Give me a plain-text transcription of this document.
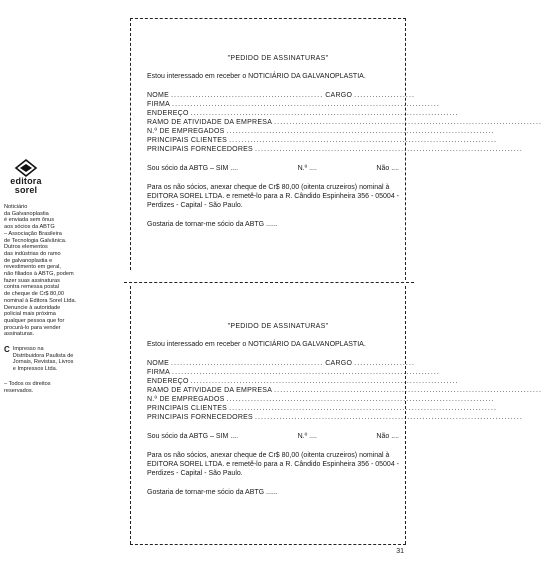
editora sorel
Noticiário
da Galvanoplastia
é enviada sem ônus
aos sócios da ABTG
– Associação Brasileira
de Tecnologia Galvânica.
Dutros elementos
das indústrias do ramo
de galvanoplastia e
revestimento em geral,
não filiados à ABTG, podem
fazer suas assinaturas
contra remessa postal
de cheque de Cr$ 80,00
nominal à Editora Sorel Ltda.
Denuncie à autoridade
policial mais próxima
qualquer pessoa que for
procurá-lo para vender
assinaturas.
C Impresso na
Distribuidora Paulista de
Jornais, Revistas, Livros
e Impressos Ltda.
– Todos os direitos
reservados.
"PEDIDO DE ASSINATURAS"
Estou interessado em receber o NOTICIÁRIO DA GALVANOPLASTIA.
NOME .................................................. CARGO ....................
FIRMA ........................................................................................
ENDEREÇO ........................................................................................
RAMO DE ATIVIDADE DA EMPRESA ........................................................................................
N.º DE EMPREGADOS ........................................................................................
PRINCIPAIS CLIENTES ........................................................................................
PRINCIPAIS FORNECEDORES ........................................................................................
Sou sócio da ABTG – SIM ....	N.º ....	Não ....
Para os não sócios, anexar cheque de Cr$ 80,00 (oitenta cruzeiros) nominal à EDITORA SOREL LTDA. e remetê-lo para a R. Cândido Espinheira 356 - 05004 - Perdizes - Capital - São Paulo.
Gostaria de tornar-me sócio da ABTG ......
"PEDIDO DE ASSINATURAS"
Estou interessado em receber o NOTICIÁRIO DA GALVANOPLASTIA.
NOME .................................................. CARGO ....................
FIRMA ........................................................................................
ENDEREÇO ........................................................................................
RAMO DE ATIVIDADE DA EMPRESA ........................................................................................
N.º DE EMPREGADOS ........................................................................................
PRINCIPAIS CLIENTES ........................................................................................
PRINCIPAIS FORNECEDORES ........................................................................................
Sou sócio da ABTG – SIM ....	N.º ....	Não ....
Para os não sócios, anexar cheque de Cr$ 80,00 (oitenta cruzeiros) nominal à EDITORA SOREL LTDA. e remetê-lo para a R. Cândido Espinheira 356 - 05004 - Perdizes - Capital - São Paulo.
Gostaria de tornar-me sócio da ABTG ......
31
